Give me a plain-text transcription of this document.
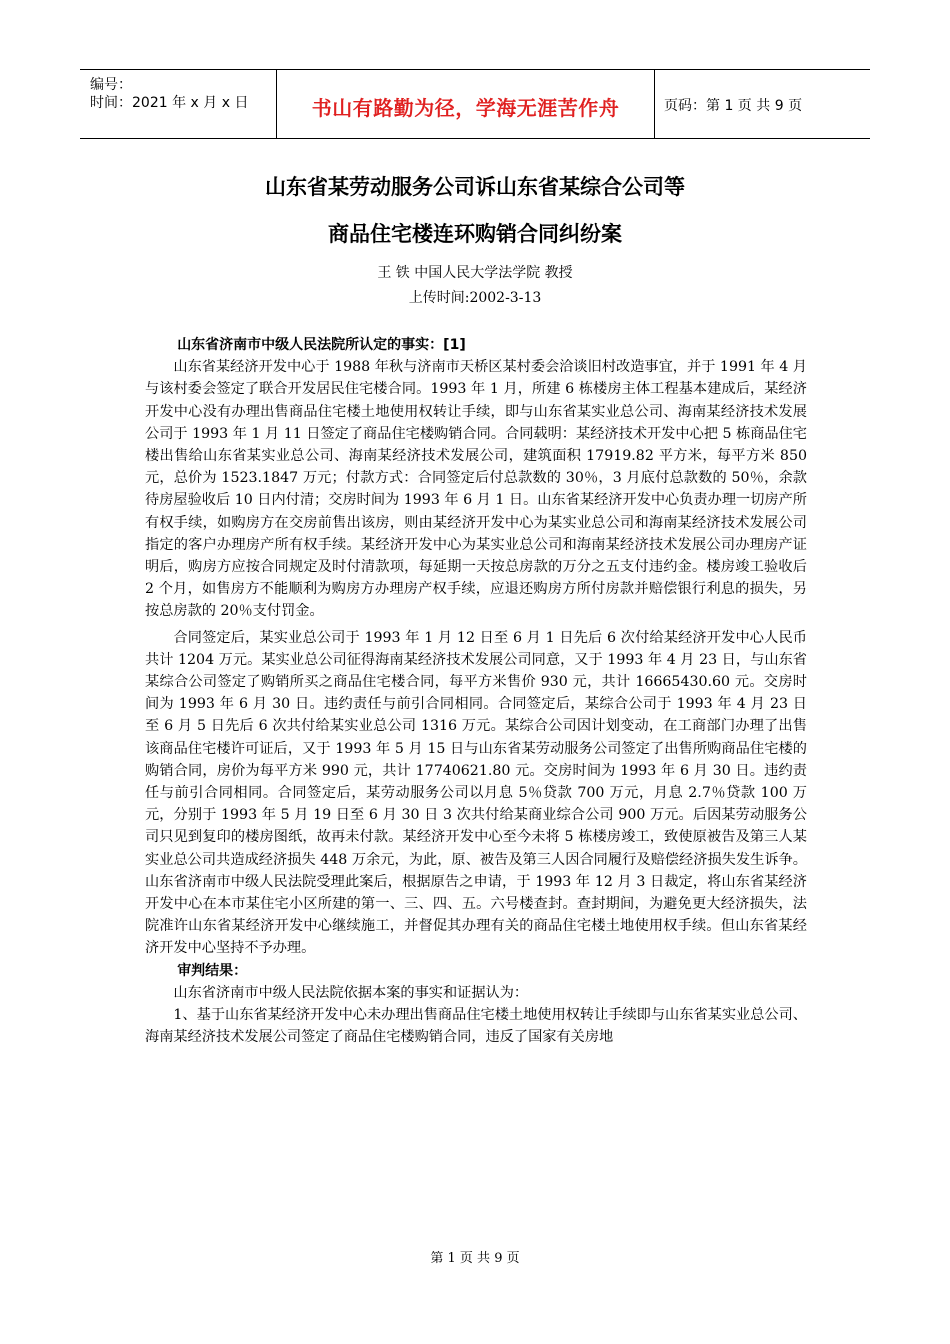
编号：
时间：2021 年 x 月 x 日	书山有路勤为径，学海无涯苦作舟	页码：第 1 页 共 9 页
山东省某劳动服务公司诉山东省某综合公司等
商品住宅楼连环购销合同纠纷案
王 铁 中国人民大学法学院 教授
上传时间:2002-3-13

山东省济南市中级人民法院所认定的事实：[1]

山东省某经济开发中心于 1988 年秋与济南市天桥区某村委会洽谈旧村改造事宜，并于 1991 年 4 月与该村委会签定了联合开发居民住宅楼合同。1993 年 1 月，所建 6 栋楼房主体工程基本建成后，某经济开发中心没有办理出售商品住宅楼土地使用权转让手续，即与山东省某实业总公司、海南某经济技术发展公司于 1993 年 1 月 11 日签定了商品住宅楼购销合同。合同载明：某经济技术开发中心把 5 栋商品住宅楼出售给山东省某实业总公司、海南某经济技术发展公司，建筑面积 17919.82 平方米，每平方米 850 元，总价为 1523.1847 万元；付款方式：合同签定后付总款数的 30％，3 月底付总款数的 50％，余款待房屋验收后 10 日内付清；交房时间为 1993 年 6 月 1 日。山东省某经济开发中心负责办理一切房产所有权手续，如购房方在交房前售出该房，则由某经济开发中心为某实业总公司和海南某经济技术发展公司指定的客户办理房产所有权手续。某经济开发中心为某实业总公司和海南某经济技术发展公司办理房产证明后，购房方应按合同规定及时付清款项，每延期一天按总房款的万分之五支付违约金。楼房竣工验收后 2 个月，如售房方不能顺利为购房方办理房产权手续，应退还购房方所付房款并赔偿银行利息的损失，另按总房款的 20％支付罚金。

合同签定后，某实业总公司于 1993 年 1 月 12 日至 6 月 1 日先后 6 次付给某经济开发中心人民币共计 1204 万元。某实业总公司征得海南某经济技术发展公司同意，又于 1993 年 4 月 23 日，与山东省某综合公司签定了购销所买之商品住宅楼合同，每平方米售价 930 元，共计 16665430.60 元。交房时间为 1993 年 6 月 30 日。违约责任与前引合同相同。合同签定后，某综合公司于 1993 年 4 月 23 日至 6 月 5 日先后 6 次共付给某实业总公司 1316 万元。某综合公司因计划变动，在工商部门办理了出售该商品住宅楼许可证后，又于 1993 年 5 月 15 日与山东省某劳动服务公司签定了出售所购商品住宅楼的购销合同，房价为每平方米 990 元，共计 17740621.80 元。交房时间为 1993 年 6 月 30 日。违约责任与前引合同相同。合同签定后，某劳动服务公司以月息 5％贷款 700 万元，月息 2.7％贷款 100 万元，分别于 1993 年 5 月 19 日至 6 月 30 日 3 次共付给某商业综合公司 900 万元。后因某劳动服务公司只见到复印的楼房图纸，故再未付款。某经济开发中心至今未将 5 栋楼房竣工，致使原被告及第三人某实业总公司共造成经济损失 448 万余元，为此，原、被告及第三人因合同履行及赔偿经济损失发生诉争。山东省济南市中级人民法院受理此案后，根据原告之申请，于 1993 年 12 月 3 日裁定，将山东省某经济开发中心在本市某住宅小区所建的第一、三、四、五。六号楼查封。查封期间，为避免更大经济损失，法院准许山东省某经济开发中心继续施工，并督促其办理有关的商品住宅楼土地使用权手续。但山东省某经济开发中心坚持不予办理。

审判结果：

山东省济南市中级人民法院依据本案的事实和证据认为：

1、基于山东省某经济开发中心未办理出售商品住宅楼土地使用权转让手续即与山东省某实业总公司、海南某经济技术发展公司签定了商品住宅楼购销合同，违反了国家有关房地

第 1 页 共 9 页
